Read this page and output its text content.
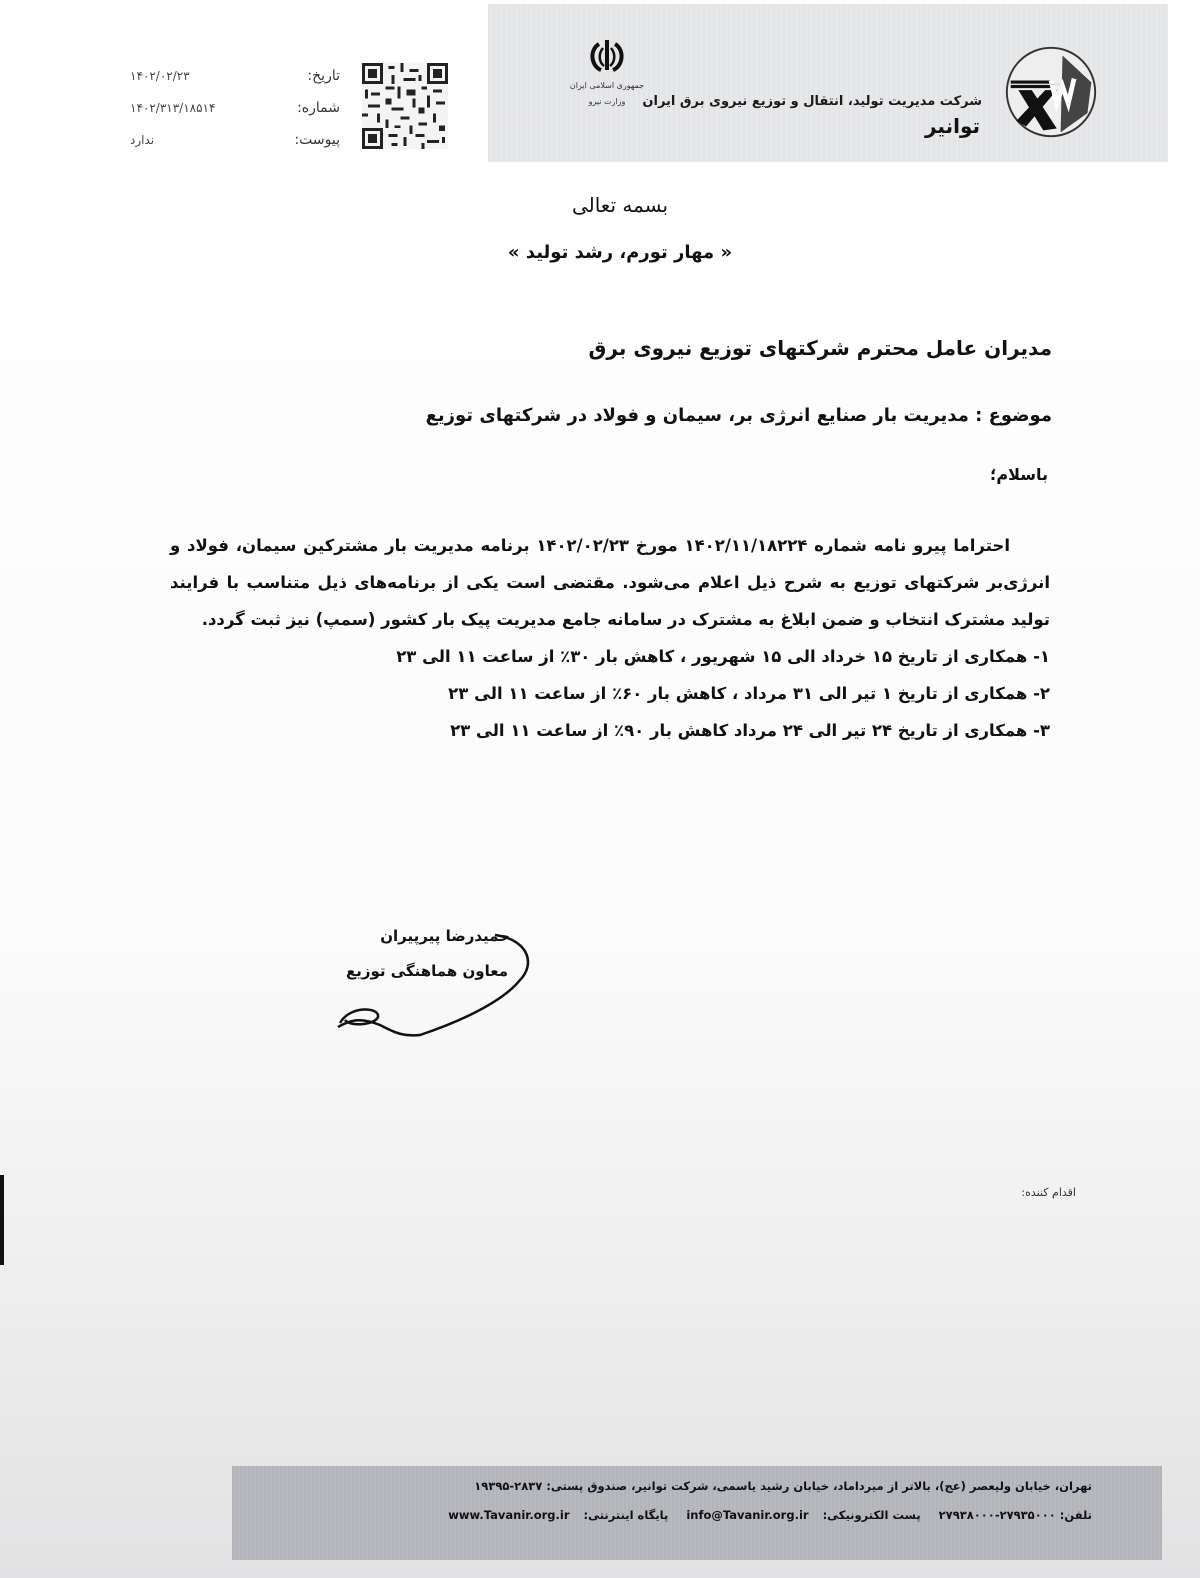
شرکت مدیریت تولید، انتقال و توزیع نیروی برق ایران
توانیر
جمهوری اسلامی ایران
وزارت نیرو
تاریخ:
۱۴۰۲/۰۲/۲۳
شماره:
۱۴۰۲/۳۱۳/۱۸۵۱۴
پیوست:
ندارد
بسمه تعالی
« مهار تورم، رشد تولید »
مدیران عامل محترم شرکتهای توزیع نیروی برق
موضوع : مدیریت بار صنایع انرژی بر، سیمان و فولاد در شرکتهای توزیع
باسلام؛

احتراما پیرو نامه شماره ۱۴۰۲/۱۱/۱۸۲۲۴ مورخ ۱۴۰۲/۰۲/۲۳ برنامه مدیریت بار مشترکین سیمان، فولاد و انرژی‌بر شرکتهای توزیع به شرح ذیل اعلام می‌شود. مقتضی است یکی از برنامه‌های ذیل متناسب با فرایند تولید مشترک انتخاب و ضمن ابلاغ به مشترک در سامانه جامع مدیریت پیک بار کشور (سمپ) نیز ثبت گردد.

۱- همکاری از تاریخ ۱۵ خرداد الی ۱۵ شهریور ، کاهش بار ۳۰٪ از ساعت ۱۱ الی ۲۳
۲- همکاری از تاریخ ۱ تیر الی ۳۱ مرداد ، کاهش بار ۶۰٪ از ساعت ۱۱ الی ۲۳
۳- همکاری از تاریخ ۲۴ تیر الی ۲۴ مرداد کاهش بار ۹۰٪ از ساعت ۱۱ الی ۲۳
حمیدرضا پیرپیران
معاون هماهنگی توزیع
اقدام کننده:
تهران، خیابان ولیعصر (عج)، بالاتر از میرداماد، خیابان رشید یاسمی، شرکت توانیر، صندوق پستی: ۲۸۳۷-۱۹۳۹۵
تلفن: ۲۷۹۳۵۰۰۰-۲۷۹۳۸۰۰۰ پست الکترونیکی:info@Tavanir.org.ir پایگاه اینترنتی:www.Tavanir.org.ir
